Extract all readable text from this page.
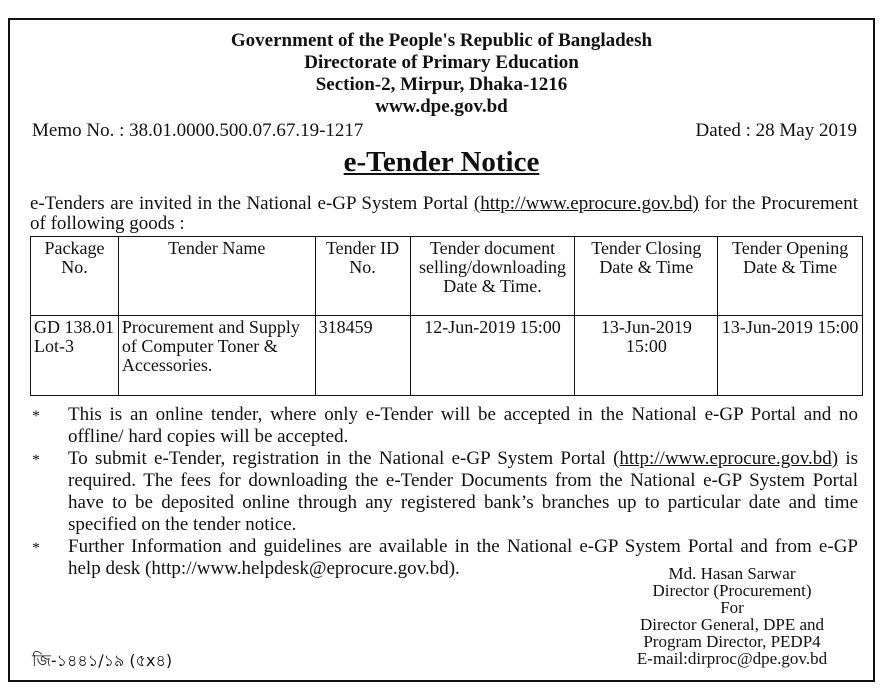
Government of the People's Republic of Bangladesh
Directorate of Primary Education
Section-2, Mirpur, Dhaka-1216
www.dpe.gov.bd
Memo No. : 38.01.0000.500.07.67.19-1217	Dated : 28 May 2019
e-Tender Notice
e-Tenders are invited in the National e-GP System Portal (http://www.eprocure.gov.bd) for the Procurement of following goods :
Package No.	Tender Name	Tender ID No.	Tender document selling/downloading Date & Time.	Tender Closing Date & Time	Tender Opening Date & Time
GD 138.01 Lot-3	Procurement and Supply of Computer Toner & Accessories.	318459	12-Jun-2019 15:00	13-Jun-2019 15:00	13-Jun-2019 15:00
* This is an online tender, where only e-Tender will be accepted in the National e-GP Portal and no offline/ hard copies will be accepted.
* To submit e-Tender, registration in the National e-GP System Portal (http://www.eprocure.gov.bd) is required. The fees for downloading the e-Tender Documents from the National e-GP System Portal have to be deposited online through any registered bank’s branches up to particular date and time specified on the tender notice.
* Further Information and guidelines are available in the National e-GP System Portal and from e-GP help desk (http://www.helpdesk@eprocure.gov.bd).	Md. Hasan Sarwar
Director (Procurement)
For
Director General, DPE and
Program Director, PEDP4
E-mail:dirproc@dpe.gov.bd
জি-১৪৪১/১৯ (৫x৪)
